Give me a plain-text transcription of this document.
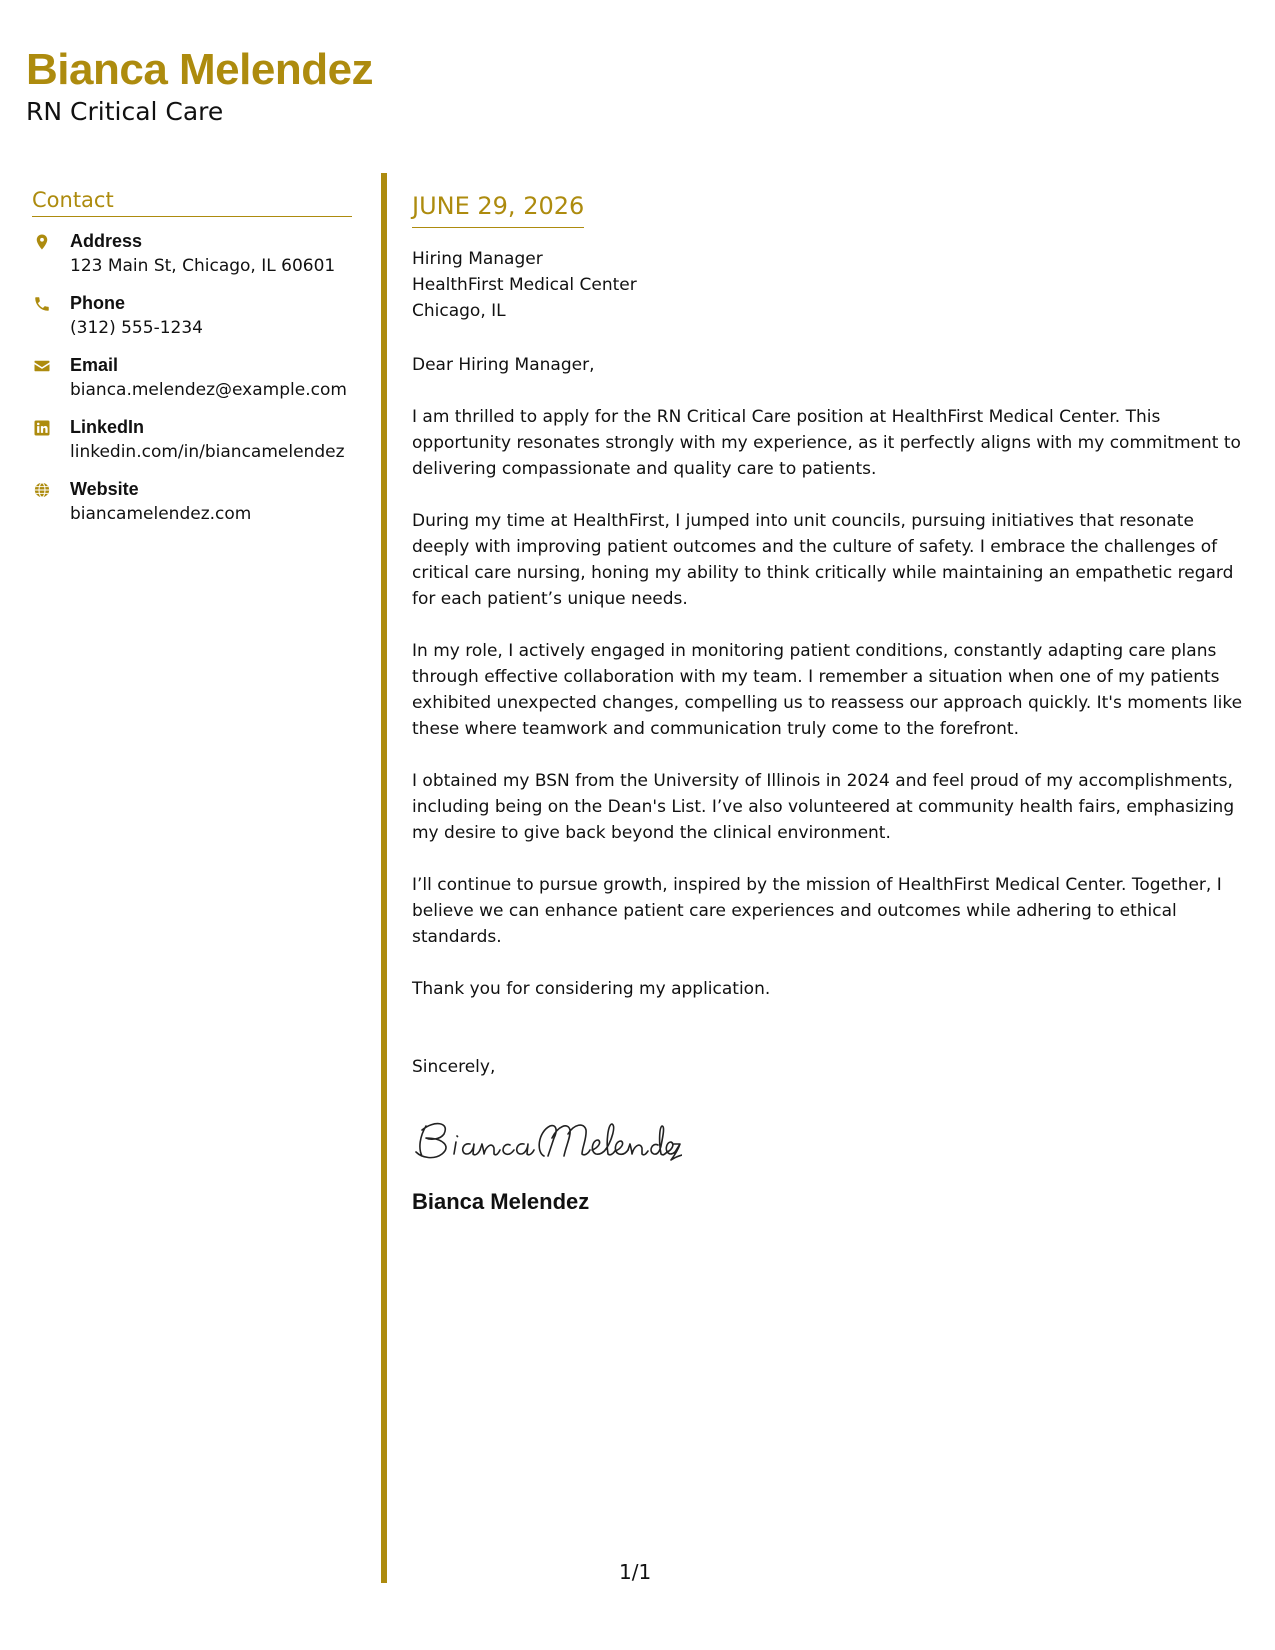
Bianca Melendez
RN Critical Care
Contact
Address
123 Main St, Chicago, IL 60601
Phone
(312) 555-1234
Email
bianca.melendez@example.com
LinkedIn
linkedin.com/in/biancamelendez
Website
biancamelendez.com
JUNE 29, 2026
Hiring Manager
HealthFirst Medical Center
Chicago, IL

Dear Hiring Manager,

I am thrilled to apply for the RN Critical Care position at HealthFirst Medical Center. This opportunity resonates strongly with my experience, as it perfectly aligns with my commitment to delivering compassionate and quality care to patients.

During my time at HealthFirst, I jumped into unit councils, pursuing initiatives that resonate deeply with improving patient outcomes and the culture of safety. I embrace the challenges of critical care nursing, honing my ability to think critically while maintaining an empathetic regard for each patient’s unique needs.

In my role, I actively engaged in monitoring patient conditions, constantly adapting care plans through effective collaboration with my team. I remember a situation when one of my patients exhibited unexpected changes, compelling us to reassess our approach quickly. It's moments like these where teamwork and communication truly come to the forefront.

I obtained my BSN from the University of Illinois in 2024 and feel proud of my accomplishments, including being on the Dean's List. I’ve also volunteered at community health fairs, emphasizing my desire to give back beyond the clinical environment.

I’ll continue to pursue growth, inspired by the mission of HealthFirst Medical Center. Together, I believe we can enhance patient care experiences and outcomes while adhering to ethical standards.

Thank you for considering my application.

Sincerely,

Bianca Melendez
1/1
